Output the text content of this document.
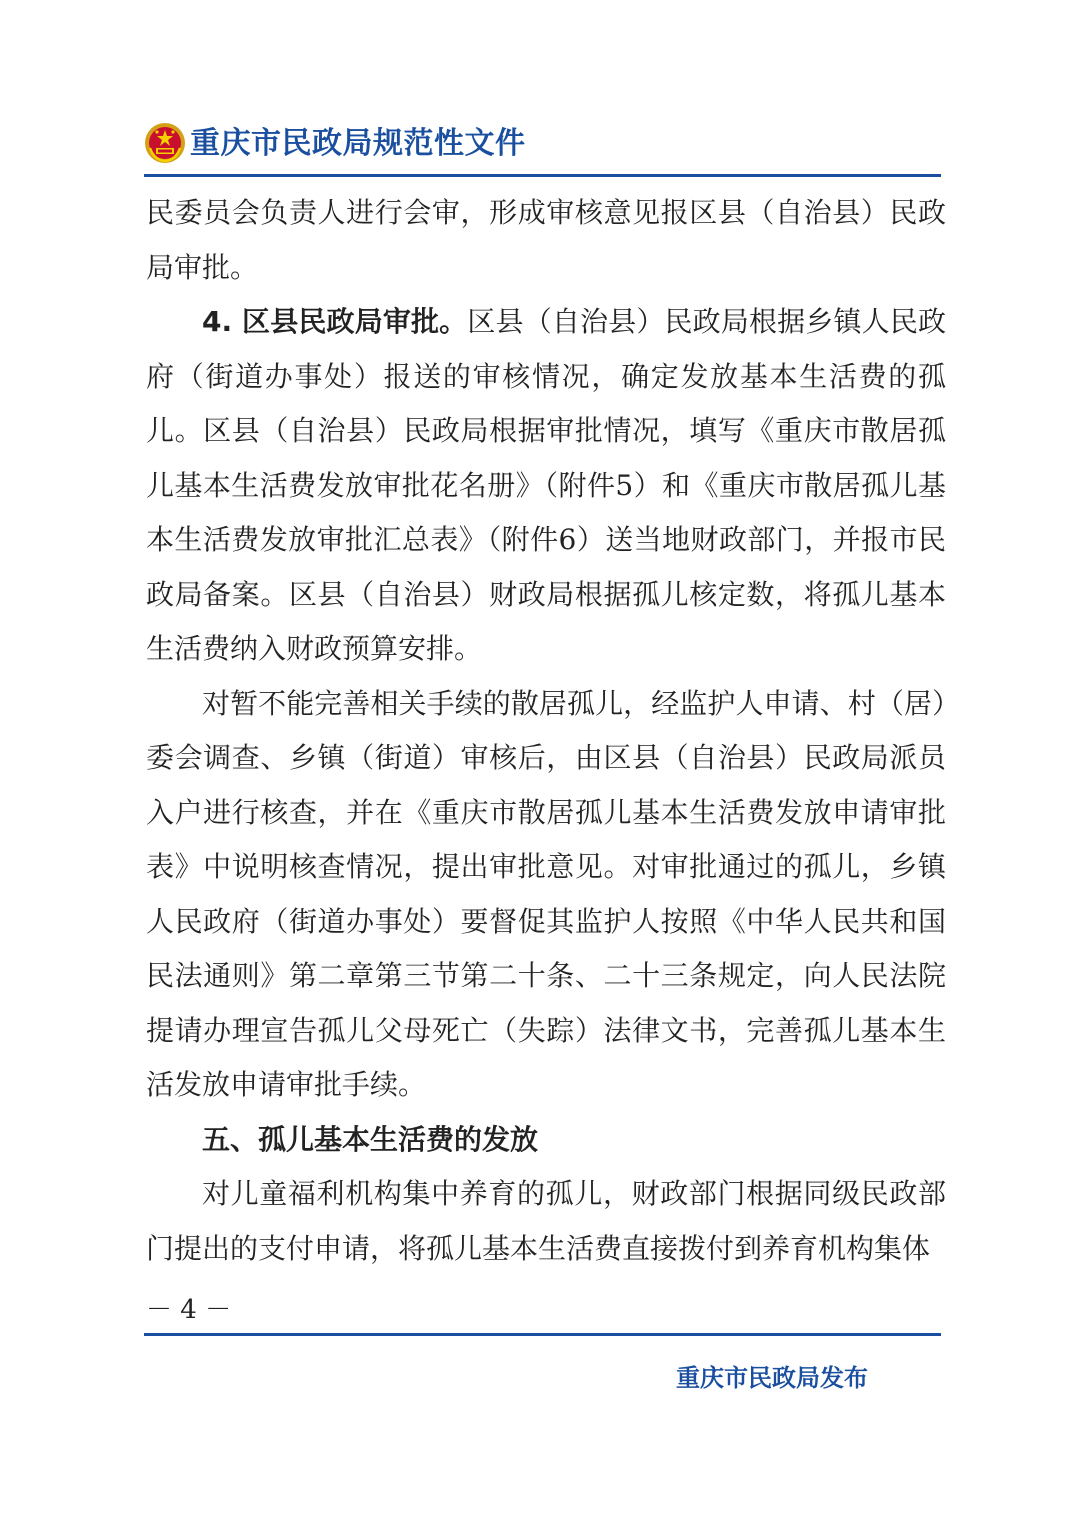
重庆市民政局规范性文件

民委员会负责人进行会审，形成审核意见报区县（自治县）民政局审批。

4. 区县民政局审批。区县（自治县）民政局根据乡镇人民政府（街道办事处）报送的审核情况，确定发放基本生活费的孤儿。区县（自治县）民政局根据审批情况，填写《重庆市散居孤儿基本生活费发放审批花名册》（附件5）和《重庆市散居孤儿基本生活费发放审批汇总表》（附件6）送当地财政部门，并报市民政局备案。区县（自治县）财政局根据孤儿核定数，将孤儿基本生活费纳入财政预算安排。

对暂不能完善相关手续的散居孤儿，经监护人申请、村（居）委会调查、乡镇（街道）审核后，由区县（自治县）民政局派员入户进行核查，并在《重庆市散居孤儿基本生活费发放申请审批表》中说明核查情况，提出审批意见。对审批通过的孤儿，乡镇人民政府（街道办事处）要督促其监护人按照《中华人民共和国民法通则》第二章第三节第二十条、二十三条规定，向人民法院提请办理宣告孤儿父母死亡（失踪）法律文书，完善孤儿基本生活发放申请审批手续。

五、孤儿基本生活费的发放

对儿童福利机构集中养育的孤儿，财政部门根据同级民政部门提出的支付申请，将孤儿基本生活费直接拨付到养育机构集体

－ 4 －
重庆市民政局发布
